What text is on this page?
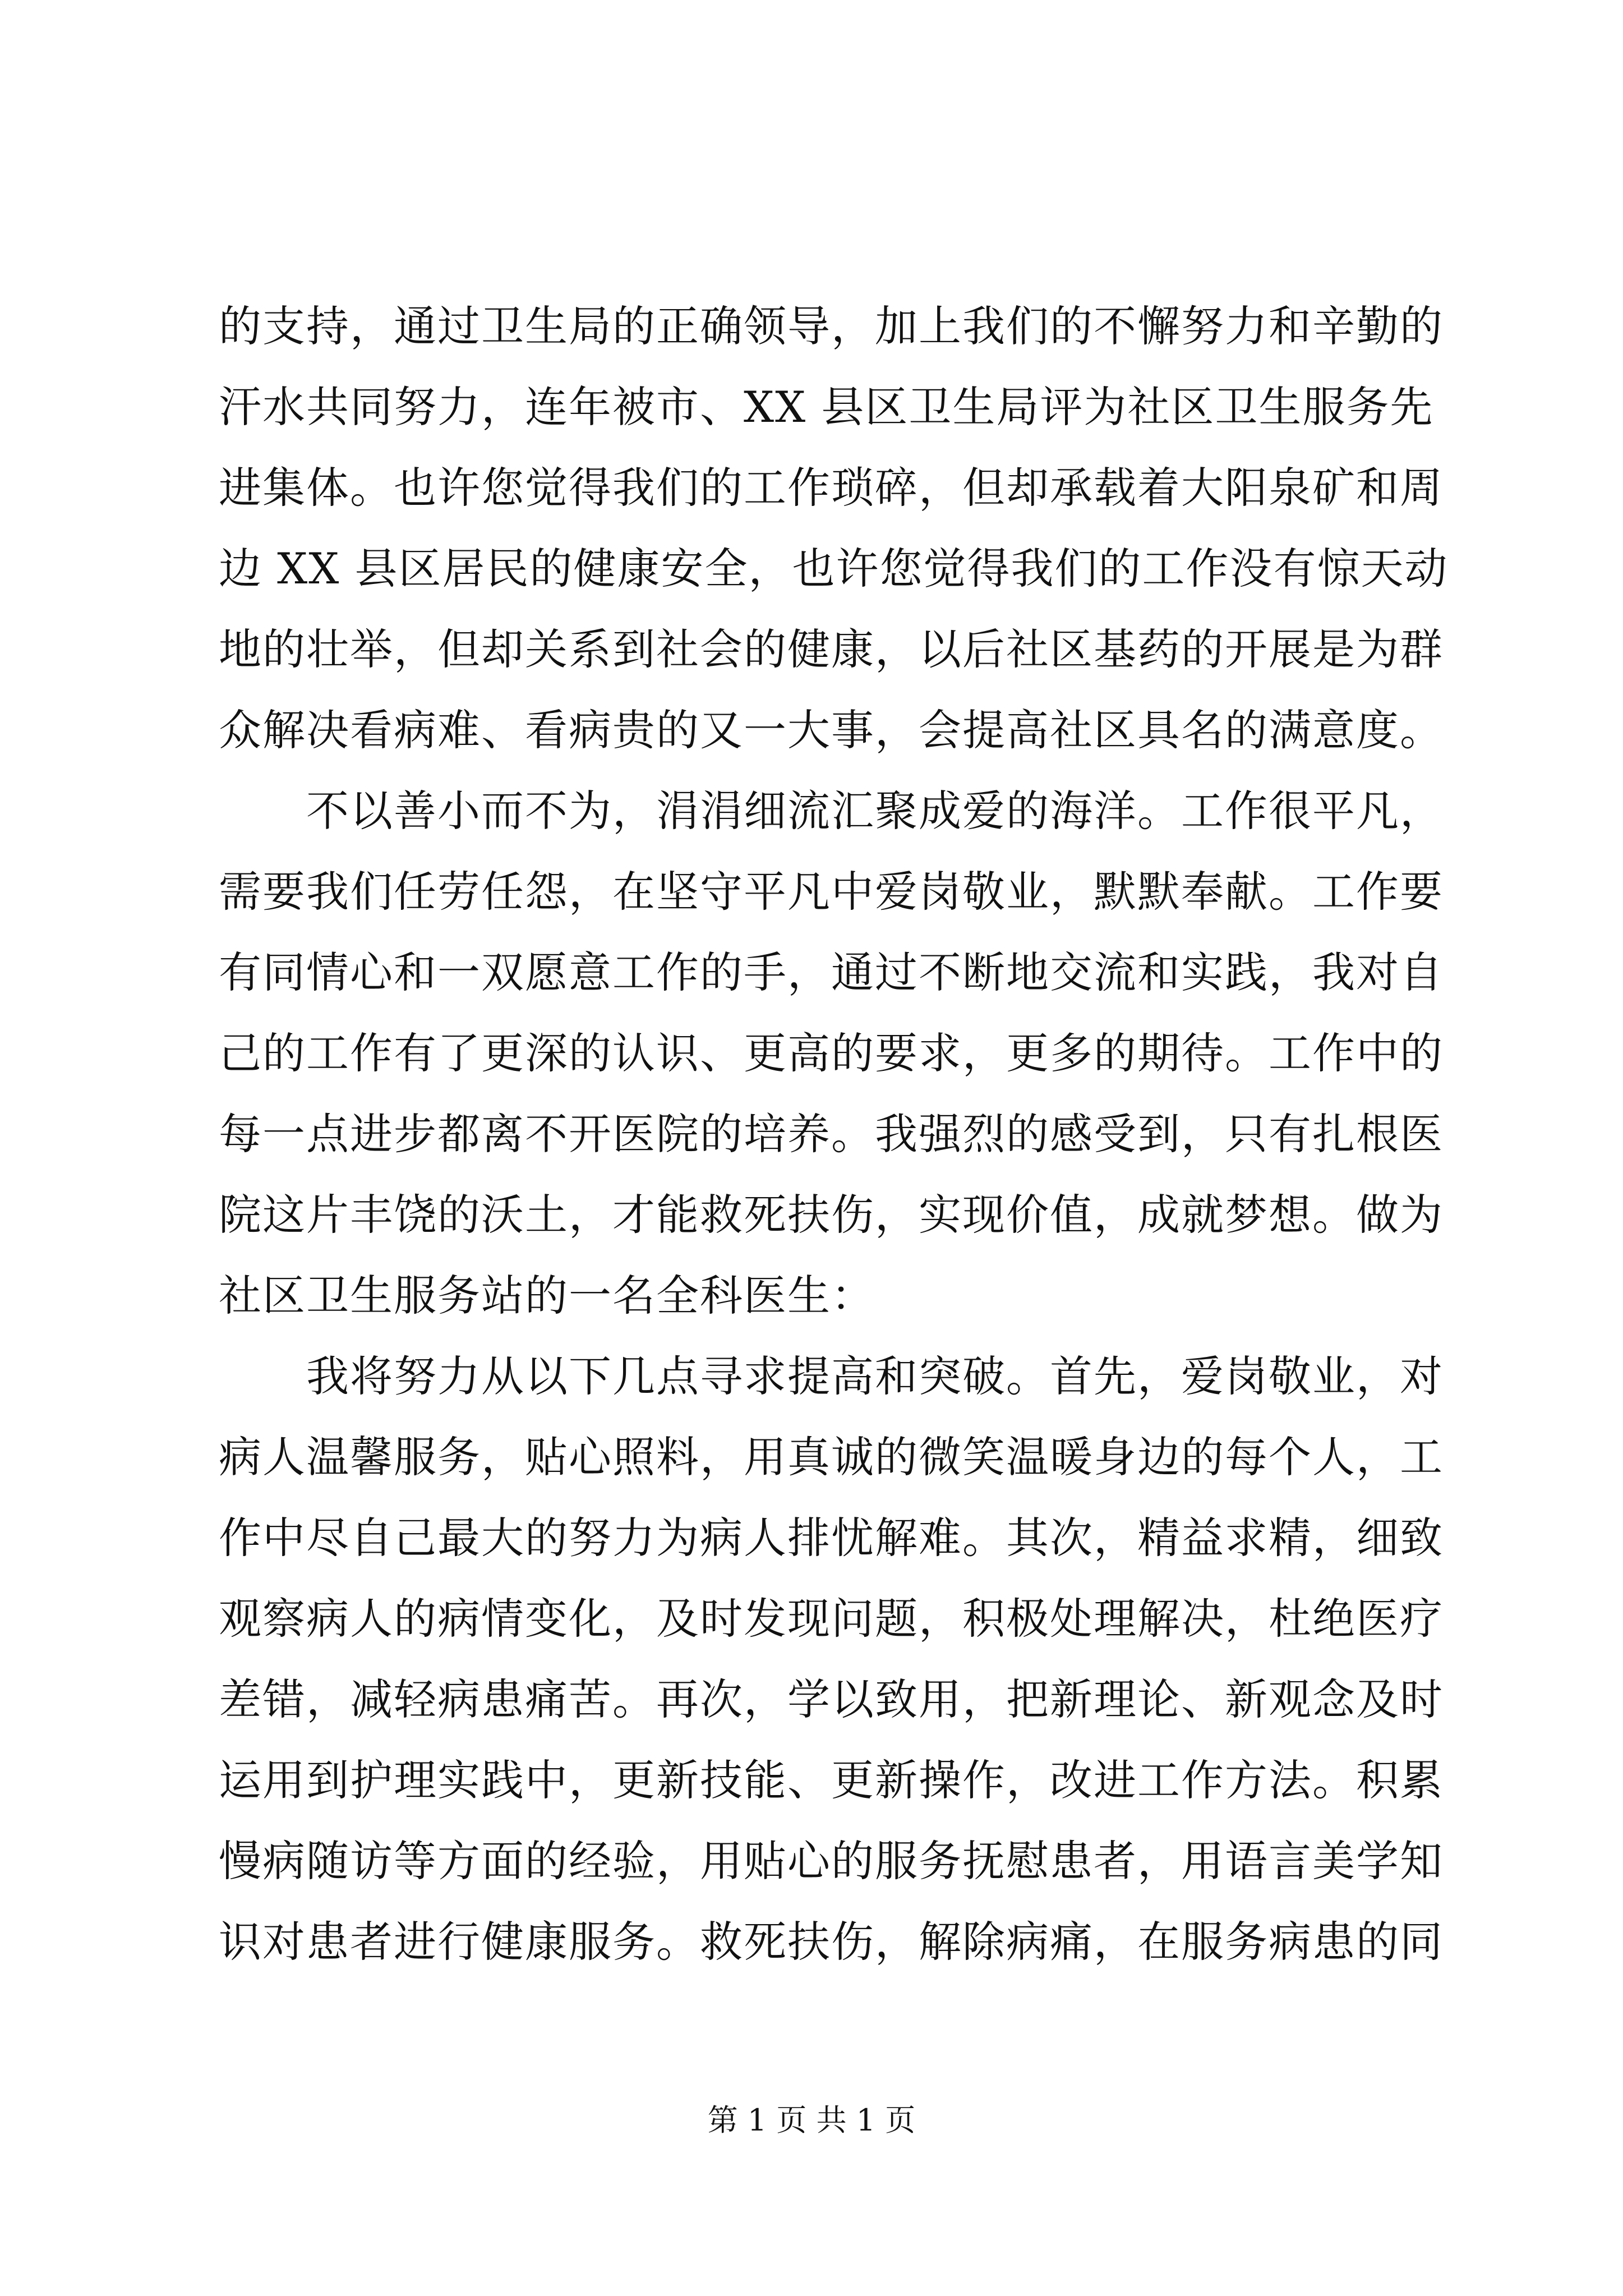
的支持，通过卫生局的正确领导，加上我们的不懈努力和辛勤的
汗水共同努力，连年被市、XX 县区卫生局评为社区卫生服务先
进集体。也许您觉得我们的工作琐碎，但却承载着大阳泉矿和周
边 XX 县区居民的健康安全，也许您觉得我们的工作没有惊天动
地的壮举，但却关系到社会的健康，以后社区基药的开展是为群
众解决看病难、看病贵的又一大事，会提高社区具名的满意度。
　　不以善小而不为，涓涓细流汇聚成爱的海洋。工作很平凡，
需要我们任劳任怨，在坚守平凡中爱岗敬业，默默奉献。工作要
有同情心和一双愿意工作的手，通过不断地交流和实践，我对自
己的工作有了更深的认识、更高的要求，更多的期待。工作中的
每一点进步都离不开医院的培养。我强烈的感受到，只有扎根医
院这片丰饶的沃土，才能救死扶伤，实现价值，成就梦想。做为
社区卫生服务站的一名全科医生：
　　我将努力从以下几点寻求提高和突破。首先，爱岗敬业，对
病人温馨服务，贴心照料，用真诚的微笑温暖身边的每个人，工
作中尽自己最大的努力为病人排忧解难。其次，精益求精，细致
观察病人的病情变化，及时发现问题，积极处理解决，杜绝医疗
差错，减轻病患痛苦。再次，学以致用，把新理论、新观念及时
运用到护理实践中，更新技能、更新操作，改进工作方法。积累
慢病随访等方面的经验，用贴心的服务抚慰患者，用语言美学知
识对患者进行健康服务。救死扶伤，解除病痛，在服务病患的同
第 1 页 共 1 页
